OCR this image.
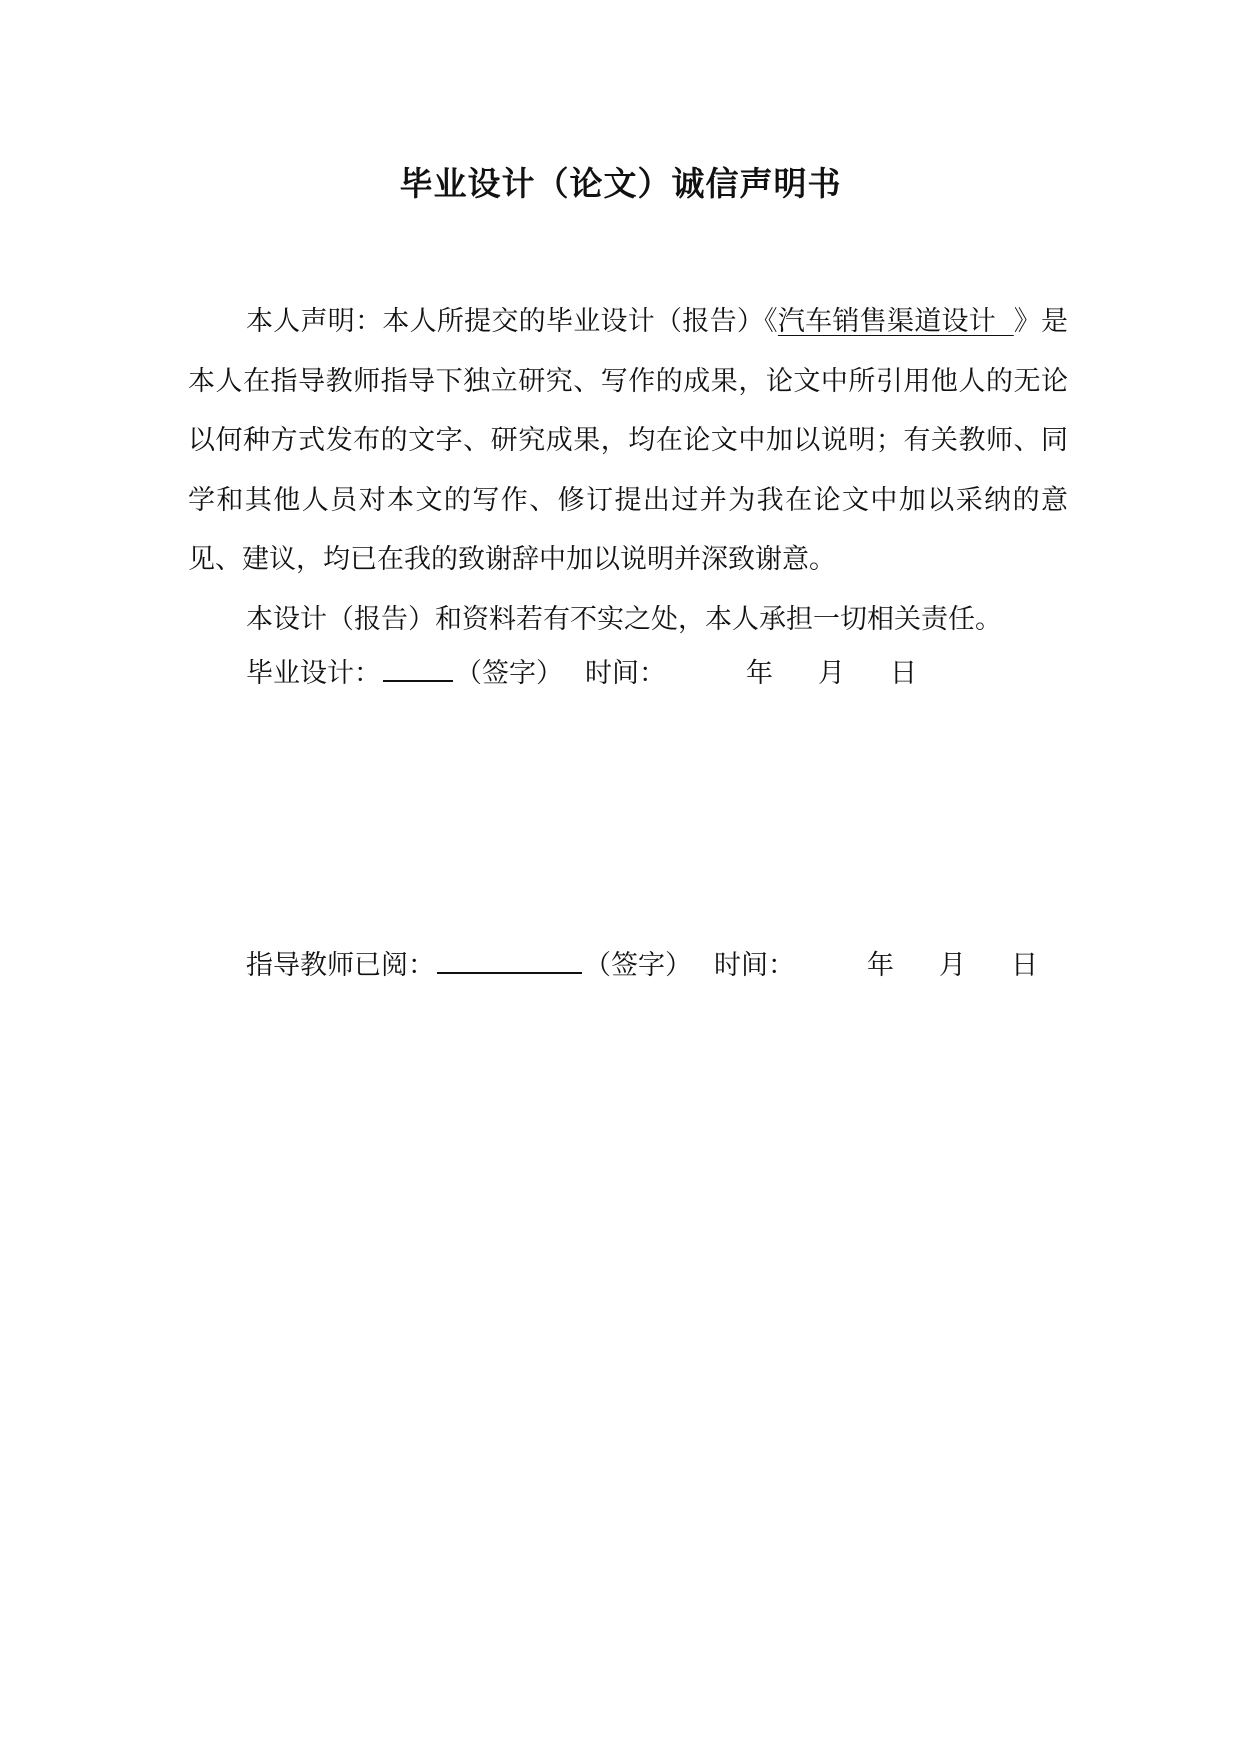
毕业设计（论文）诚信声明书

本人声明：本人所提交的毕业设计（报告）《汽车销售渠道设计  》是本人在指导教师指导下独立研究、写作的成果，论文中所引用他人的无论以何种方式发布的文字、研究成果，均在论文中加以说明；有关教师、同学和其他人员对本文的写作、修订提出过并为我在论文中加以采纳的意见、建议，均已在我的致谢辞中加以说明并深致谢意。

本设计（报告）和资料若有不实之处，本人承担一切相关责任。

毕业设计：	（签字） 时间：	年 月 日
指导教师已阅：	（签字） 时间：	年 月 日
